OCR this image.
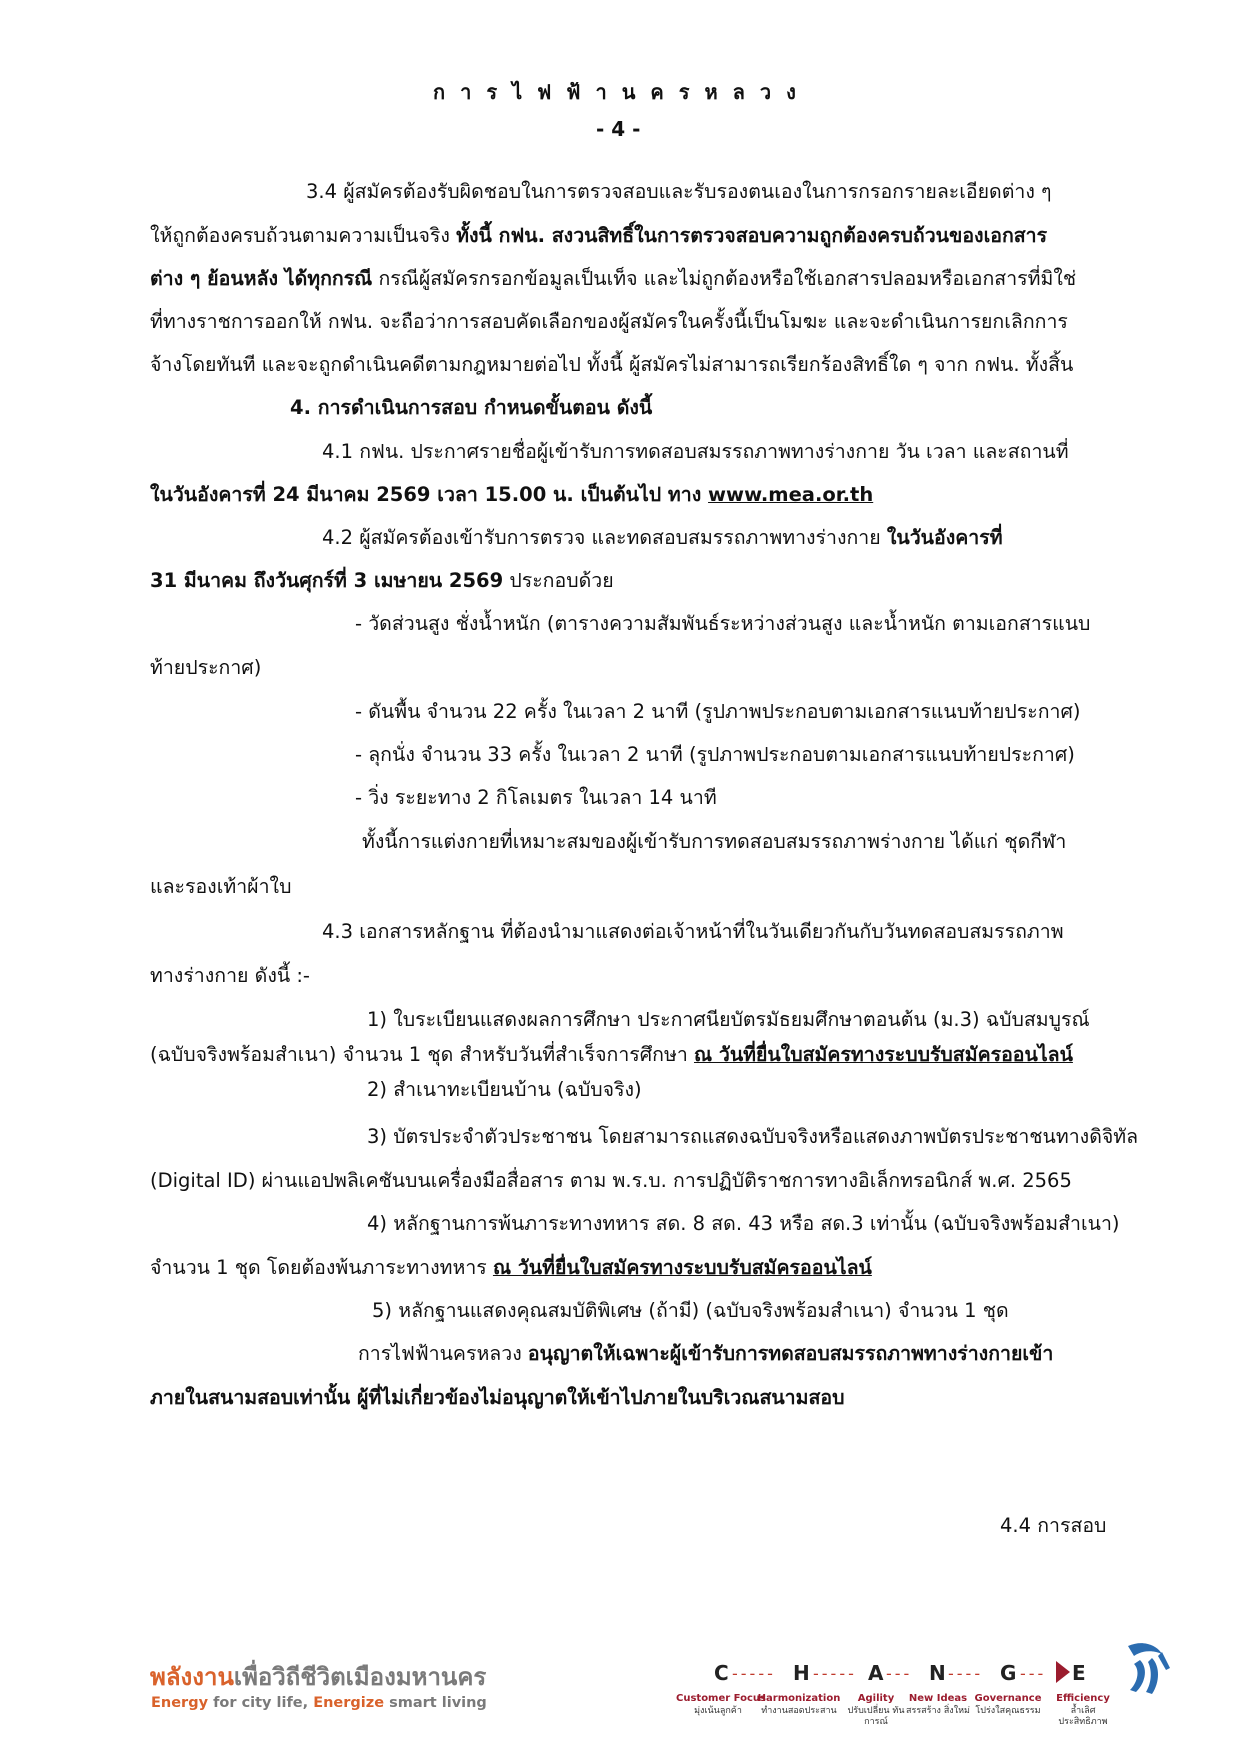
การไฟฟ้านครหลวง
- 4 -
3.4 ผู้สมัครต้องรับผิดชอบในการตรวจสอบและรับรองตนเองในการกรอกรายละเอียดต่าง ๆ
ให้ถูกต้องครบถ้วนตามความเป็นจริง ทั้งนี้ กฟน. สงวนสิทธิ์ในการตรวจสอบความถูกต้องครบถ้วนของเอกสาร
ต่าง ๆ ย้อนหลัง ได้ทุกกรณี กรณีผู้สมัครกรอกข้อมูลเป็นเท็จ และไม่ถูกต้องหรือใช้เอกสารปลอมหรือเอกสารที่มิใช่
ที่ทางราชการออกให้ กฟน. จะถือว่าการสอบคัดเลือกของผู้สมัครในครั้งนี้เป็นโมฆะ และจะดำเนินการยกเลิกการ
จ้างโดยทันที และจะถูกดำเนินคดีตามกฎหมายต่อไป ทั้งนี้ ผู้สมัครไม่สามารถเรียกร้องสิทธิ์ใด ๆ จาก กฟน. ทั้งสิ้น
4. การดำเนินการสอบ กำหนดขั้นตอน ดังนี้
4.1 กฟน. ประกาศรายชื่อผู้เข้ารับการทดสอบสมรรถภาพทางร่างกาย วัน เวลา และสถานที่
ในวันอังคารที่ 24 มีนาคม 2569 เวลา 15.00 น. เป็นต้นไป ทาง www.mea.or.th
4.2 ผู้สมัครต้องเข้ารับการตรวจ และทดสอบสมรรถภาพทางร่างกาย ในวันอังคารที่
31 มีนาคม ถึงวันศุกร์ที่ 3 เมษายน 2569 ประกอบด้วย
- วัดส่วนสูง ชั่งน้ำหนัก (ตารางความสัมพันธ์ระหว่างส่วนสูง และน้ำหนัก ตามเอกสารแนบ
ท้ายประกาศ)
- ดันพื้น จำนวน 22 ครั้ง ในเวลา 2 นาที (รูปภาพประกอบตามเอกสารแนบท้ายประกาศ)
- ลุกนั่ง จำนวน 33 ครั้ง ในเวลา 2 นาที (รูปภาพประกอบตามเอกสารแนบท้ายประกาศ)
- วิ่ง ระยะทาง 2 กิโลเมตร ในเวลา 14 นาที
ทั้งนี้การแต่งกายที่เหมาะสมของผู้เข้ารับการทดสอบสมรรถภาพร่างกาย ได้แก่ ชุดกีฬา
และรองเท้าผ้าใบ
4.3 เอกสารหลักฐาน ที่ต้องนำมาแสดงต่อเจ้าหน้าที่ในวันเดียวกันกับวันทดสอบสมรรถภาพ
ทางร่างกาย ดังนี้ :-
1) ใบระเบียนแสดงผลการศึกษา ประกาศนียบัตรมัธยมศึกษาตอนต้น (ม.3) ฉบับสมบูรณ์
(ฉบับจริงพร้อมสำเนา) จำนวน 1 ชุด สำหรับวันที่สำเร็จการศึกษา ณ วันที่ยื่นใบสมัครทางระบบรับสมัครออนไลน์
2) สำเนาทะเบียนบ้าน (ฉบับจริง)
3) บัตรประจำตัวประชาชน โดยสามารถแสดงฉบับจริงหรือแสดงภาพบัตรประชาชนทางดิจิทัล
(Digital ID) ผ่านแอปพลิเคชันบนเครื่องมือสื่อสาร ตาม พ.ร.บ. การปฏิบัติราชการทางอิเล็กทรอนิกส์ พ.ศ. 2565
4) หลักฐานการพ้นภาระทางทหาร สด. 8 สด. 43 หรือ สด.3 เท่านั้น (ฉบับจริงพร้อมสำเนา)
จำนวน 1 ชุด โดยต้องพ้นภาระทางทหาร ณ วันที่ยื่นใบสมัครทางระบบรับสมัครออนไลน์
5) หลักฐานแสดงคุณสมบัติพิเศษ (ถ้ามี) (ฉบับจริงพร้อมสำเนา) จำนวน 1 ชุด
การไฟฟ้านครหลวง อนุญาตให้เฉพาะผู้เข้ารับการทดสอบสมรรถภาพทางร่างกายเข้า
ภายในสนามสอบเท่านั้น ผู้ที่ไม่เกี่ยวข้องไม่อนุญาตให้เข้าไปภายในบริเวณสนามสอบ
4.4 การสอบ
พลังงานเพื่อวิถีชีวิตเมืองมหานคร
Energy for city life, Energize smart living
C ----- H ----- A --- N ---- G --- E
Customer Focus
มุ่งเน้นลูกค้า
Harmonization
ทำงานสอดประสาน
Agility
ปรับเปลี่ยน ทันการณ์
New Ideas
สรรสร้าง สิ่งใหม่
Governance
โปร่งใสคุณธรรม
Efficiency
ล้ำเลิศ ประสิทธิภาพ
